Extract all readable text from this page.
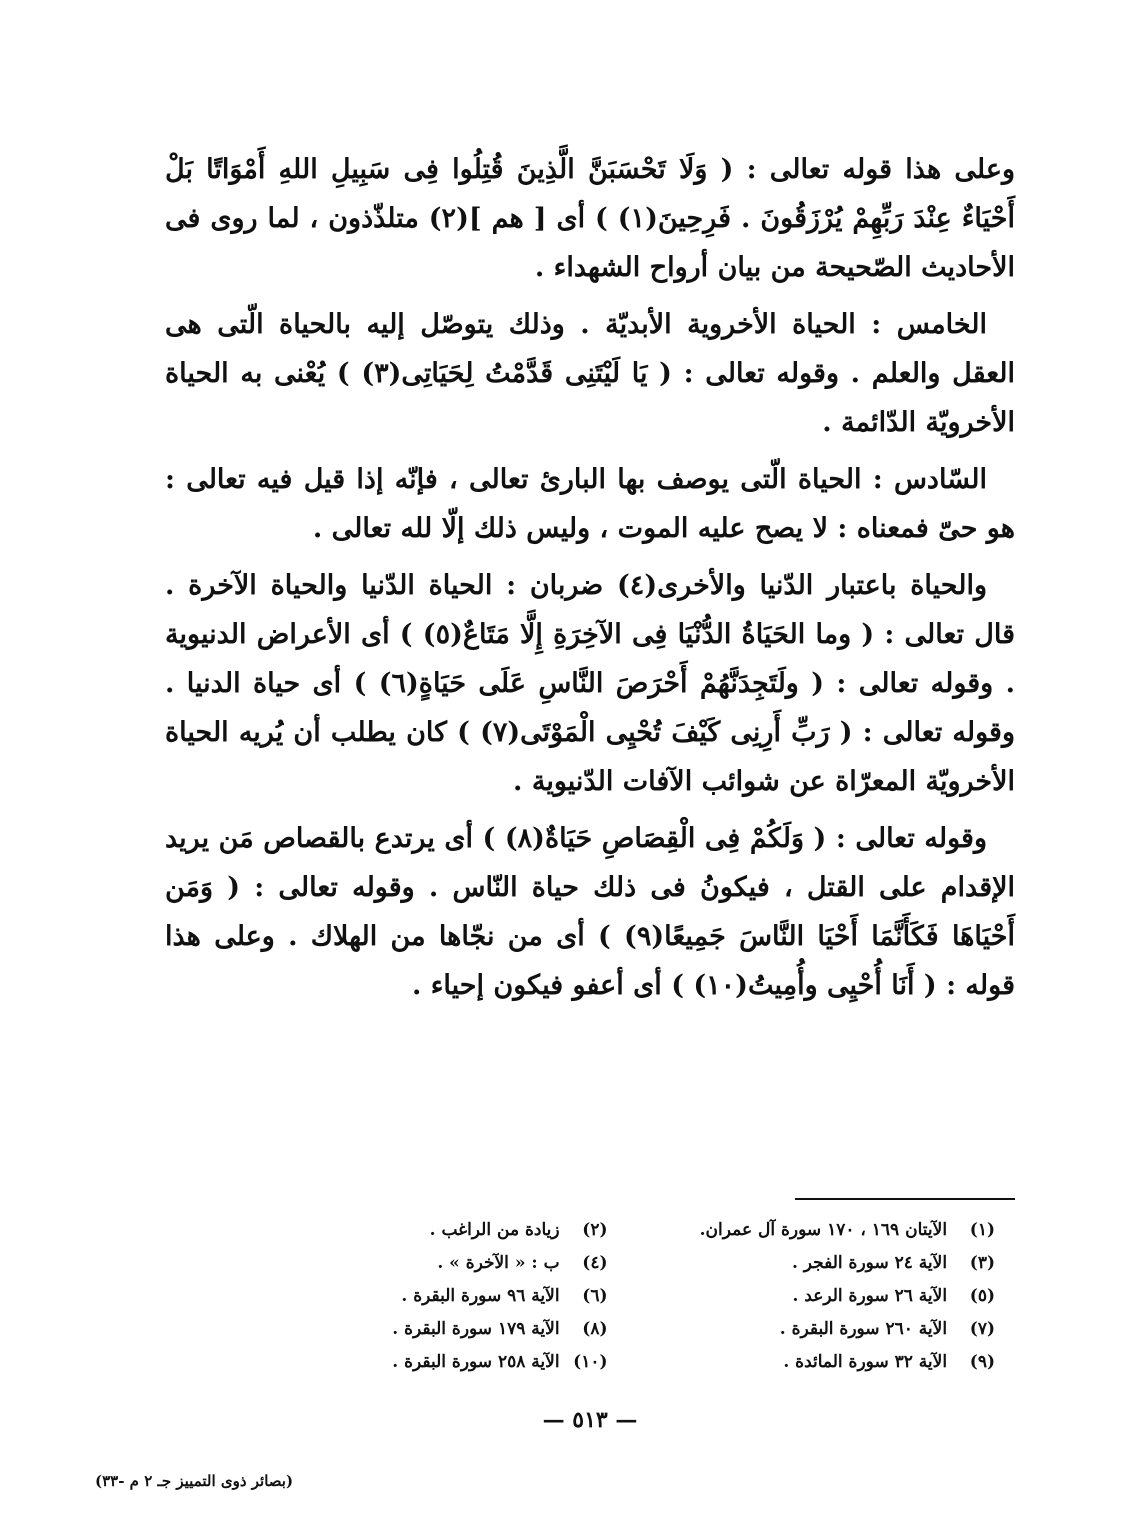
وعلى هذا قوله تعالى : ( وَلَا تَحْسَبَنَّ الَّذِينَ قُتِلُوا فِى سَبِيلِ اللهِ أَمْوَاتًا بَلْ أَحْيَاءٌ عِنْدَ رَبِّهِمْ يُرْزَقُونَ . فَرِحِينَ(١) ) أى [ هم ](٢) متلذّذون ، لما روى فى الأحاديث الصّحيحة من بيان أرواح الشهداء .

الخامس : الحياة الأخروية الأبديّة . وذلك يتوصّل إليه بالحياة الّتى هى العقل والعلم . وقوله تعالى : ( يَا لَيْتَنِى قَدَّمْتُ لِحَيَاتِى(٣) ) يُعْنى به الحياة الأخرويّة الدّائمة .

السّادس : الحياة الّتى يوصف بها البارئ تعالى ، فإنّه إذا قيل فيه تعالى : هو حىّ فمعناه : لا يصح عليه الموت ، وليس ذلك إلّا لله تعالى .

والحياة باعتبار الدّنيا والأخرى(٤) ضربان : الحياة الدّنيا والحياة الآخرة . قال تعالى : ( وما الحَيَاةُ الدُّنْيَا فِى الآخِرَةِ إِلَّا مَتَاعٌ(٥) ) أى الأعراض الدنيوية . وقوله تعالى : ( ولَتَجِدَنَّهُمْ أَحْرَصَ النَّاسِ عَلَى حَيَاةٍ(٦) ) أى حياة الدنيا . وقوله تعالى : ( رَبِّ أَرِنِى كَيْفَ تُحْيِى الْمَوْتَى(٧) ) كان يطلب أن يُريه الحياة الأخرويّة المعرّاة عن شوائب الآفات الدّنيوية .

وقوله تعالى : ( وَلَكُمْ فِى الْقِصَاصِ حَيَاةٌ(٨) ) أى يرتدع بالقصاص مَن يريد الإقدام على القتل ، فيكونُ فى ذلك حياة النّاس . وقوله تعالى : ( وَمَن أَحْيَاهَا فَكَأَنَّمَا أَحْيَا النَّاسَ جَمِيعًا(٩) ) أى من نجّاها من الهلاك . وعلى هذا قوله : ( أَنَا أُحْيِى وأُمِيتُ(١٠) ) أى أعفو فيكون إحياء .

(١) الآيتان ١٦٩ ، ١٧٠ سورة آل عمران.
(٢) زيادة من الراغب .
(٣) الآية ٢٤ سورة الفجر .
(٤) ب : « الآخرة » .
(٥) الآية ٢٦ سورة الرعد .
(٦) الآية ٩٦ سورة البقرة .
(٧) الآية ٢٦٠ سورة البقرة .
(٨) الآية ١٧٩ سورة البقرة .
(٩) الآية ٣٢ سورة المائدة .
(١٠) الآية ٢٥٨ سورة البقرة .
— ٥١٣ —
(بصائر ذوى التمييز جـ ٢ م -٣٣)
